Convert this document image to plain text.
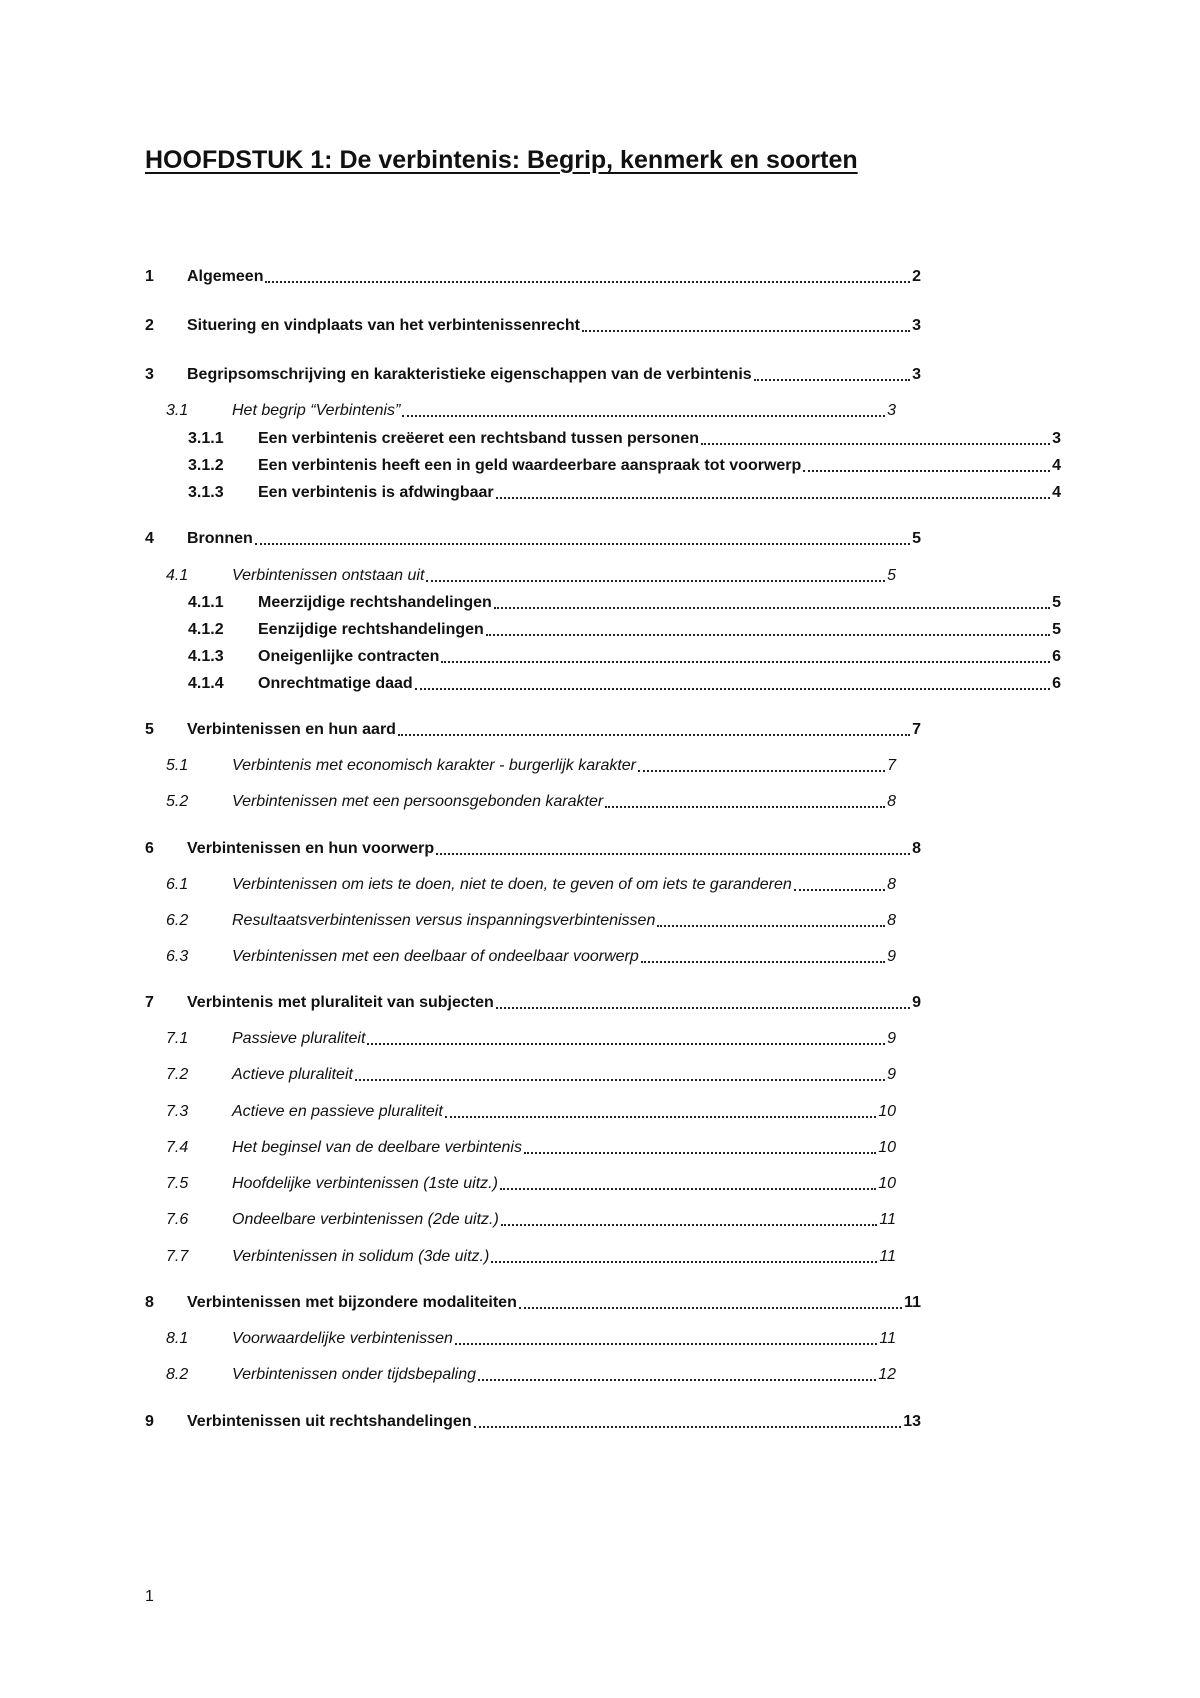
HOOFDSTUK 1: De verbintenis: Begrip, kenmerk en soorten
1	Algemeen	2
2	Situering en vindplaats van het verbintenissenrecht	3
3	Begripsomschrijving en karakteristieke eigenschappen van de verbintenis	3
3.1	Het begrip “Verbintenis”	3
3.1.1	Een verbintenis creëeret een rechtsband tussen personen	3
3.1.2	Een verbintenis heeft een in geld waardeerbare aanspraak tot voorwerp	4
3.1.3	Een verbintenis is afdwingbaar	4
4	Bronnen	5
4.1	Verbintenissen ontstaan uit	5
4.1.1	Meerzijdige rechtshandelingen	5
4.1.2	Eenzijdige rechtshandelingen	5
4.1.3	Oneigenlijke contracten	6
4.1.4	Onrechtmatige daad	6
5	Verbintenissen en hun aard	7
5.1	Verbintenis met economisch karakter - burgerlijk karakter	7
5.2	Verbintenissen met een persoonsgebonden karakter	8
6	Verbintenissen en hun voorwerp	8
6.1	Verbintenissen om iets te doen, niet te doen, te geven of om iets te garanderen	8
6.2	Resultaatsverbintenissen versus inspanningsverbintenissen	8
6.3	Verbintenissen met een deelbaar of ondeelbaar voorwerp	9
7	Verbintenis met pluraliteit van subjecten	9
7.1	Passieve pluraliteit	9
7.2	Actieve pluraliteit	9
7.3	Actieve en passieve pluraliteit	10
7.4	Het beginsel van de deelbare verbintenis	10
7.5	Hoofdelijke verbintenissen (1ste uitz.)	10
7.6	Ondeelbare verbintenissen (2de uitz.)	11
7.7	Verbintenissen in solidum (3de uitz.)	11
8	Verbintenissen met bijzondere modaliteiten	11
8.1	Voorwaardelijke verbintenissen	11
8.2	Verbintenissen onder tijdsbepaling	12
9	Verbintenissen uit rechtshandelingen	13
1
